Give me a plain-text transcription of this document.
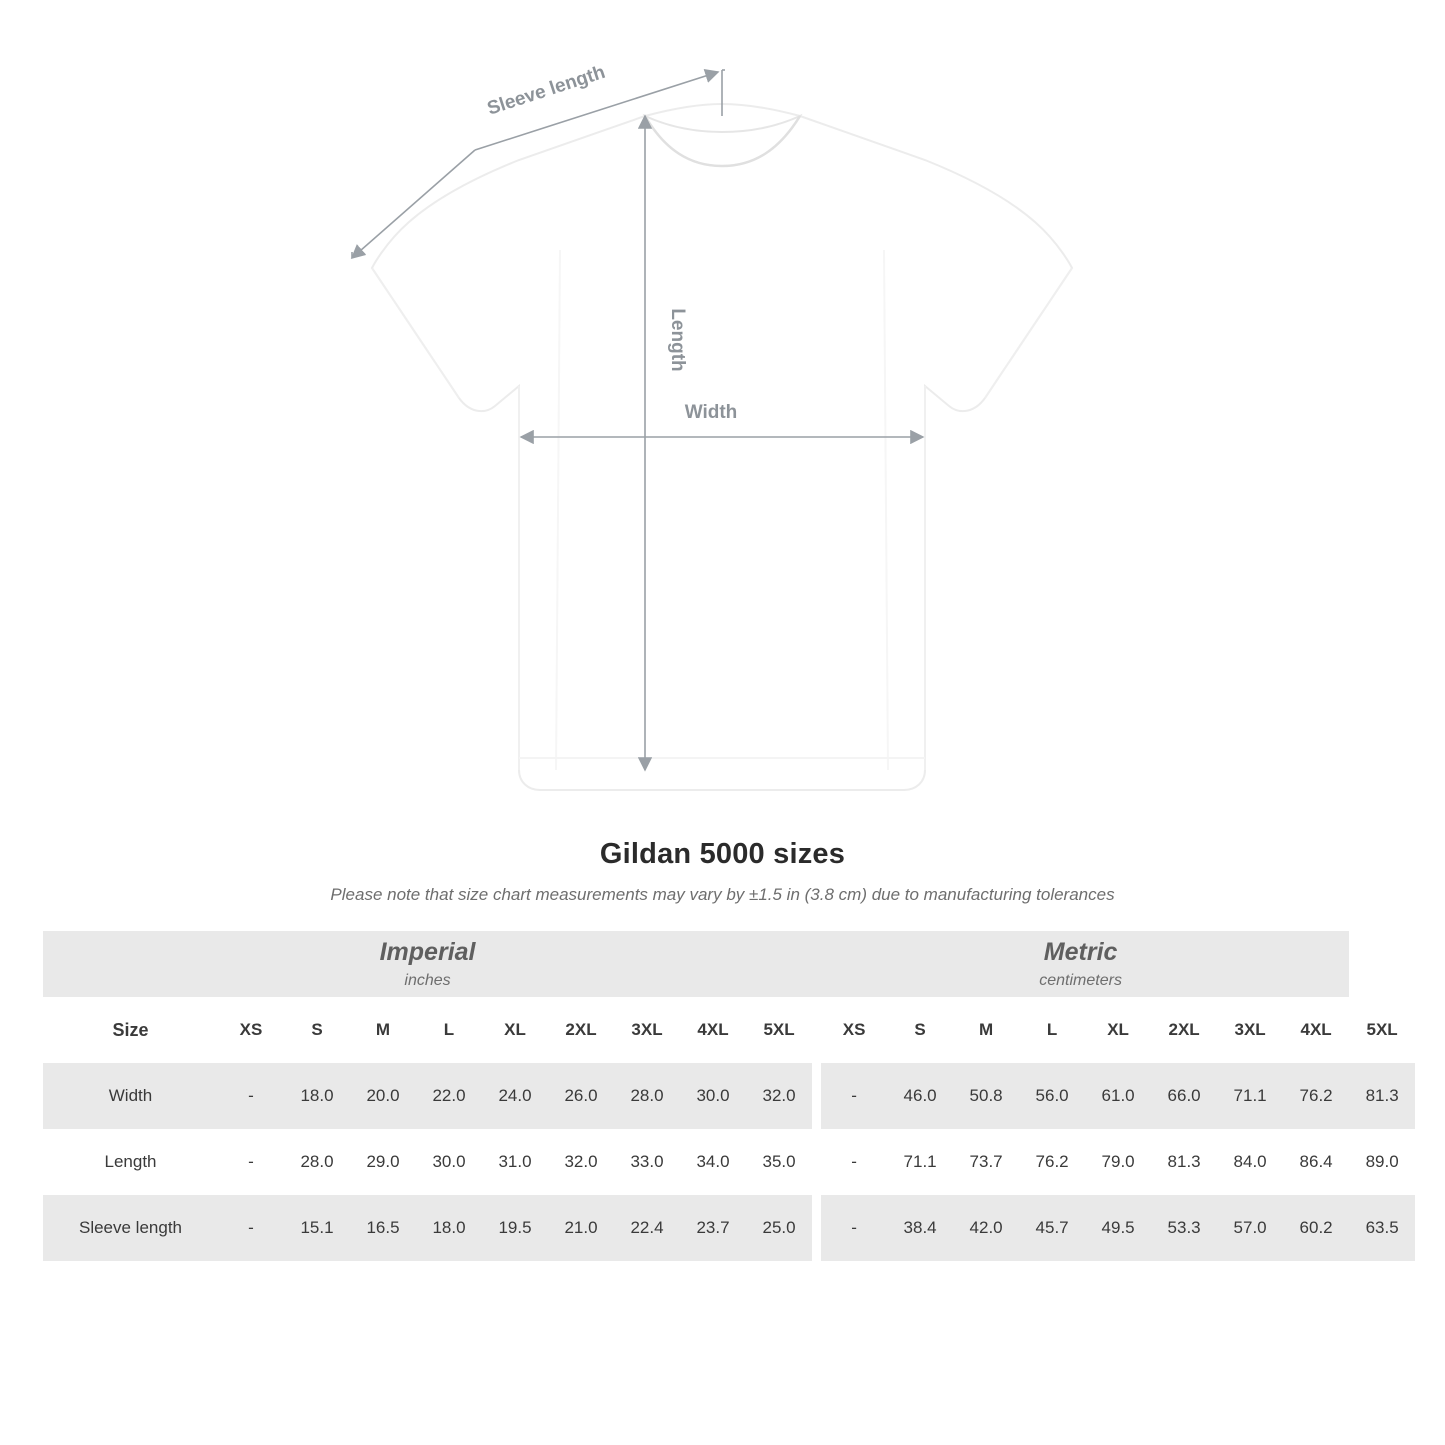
Sleeve length
Length
Width
Gildan 5000 sizes
Please note that size chart measurements may vary by ±1.5 in (3.8 cm) due to manufacturing tolerances
Imperial
inches

Metric
centimeters

Size	XS	S	M	L	XL	2XL	3XL	4XL	5XL		XS	S	M	L	XL	2XL	3XL	4XL	5XL
Width	-	18.0	20.0	22.0	24.0	26.0	28.0	30.0	32.0		-	46.0	50.8	56.0	61.0	66.0	71.1	76.2	81.3
Length	-	28.0	29.0	30.0	31.0	32.0	33.0	34.0	35.0		-	71.1	73.7	76.2	79.0	81.3	84.0	86.4	89.0
Sleeve length	-	15.1	16.5	18.0	19.5	21.0	22.4	23.7	25.0		-	38.4	42.0	45.7	49.5	53.3	57.0	60.2	63.5
